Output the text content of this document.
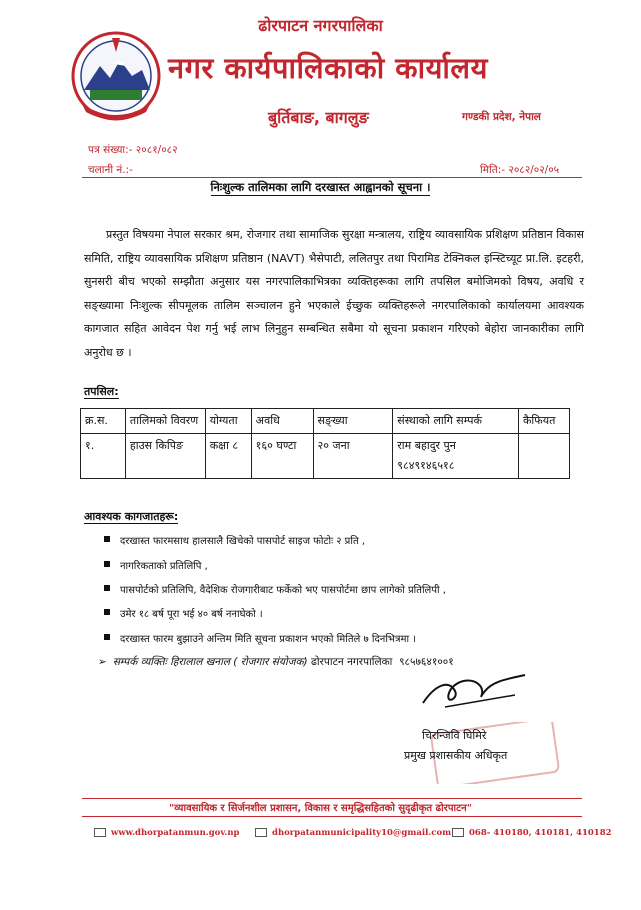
ढोरपाटन नगरपालिका
नगर कार्यपालिकाको कार्यालय
बुर्तिबाङ, बागलुङ	गण्डकी प्रदेश, नेपाल
पत्र संख्या:- २०८१/०८२
चलानी नं.:-	मिति:- २०८२/०२/०५
निःशुल्क तालिमका लागि दरखास्त आह्वानको सूचना ।
प्रस्तुत विषयमा नेपाल सरकार श्रम, रोजगार तथा सामाजिक सुरक्षा मन्त्रालय, राष्ट्रिय व्यावसायिक प्रशिक्षण प्रतिष्ठान विकास समिति, राष्ट्रिय व्यावसायिक प्रशिक्षण प्रतिष्ठान (NAVT) भैसेपाटी, ललितपुर तथा पिरामिड टेक्निकल इन्स्टिच्यूट प्रा.लि. इटहरी, सुनसरी बीच भएको सम्झौता अनुसार यस नगरपालिकाभित्रका व्यक्तिहरूका लागि तपसिल बमोजिमको विषय, अवधि र सङ्ख्यामा निःशुल्क सीपमूलक तालिम सञ्चालन हुने भएकाले ईच्छुक व्यक्तिहरूले नगरपालिकाको कार्यालयमा आवश्यक कागजात सहित आवेदन पेश गर्नु भई लाभ लिनुहुन सम्बन्धित सबैमा यो सूचना प्रकाशन गरिएको बेहोरा जानकारीका लागि अनुरोध छ ।
तपसिल:
क्र.स.	तालिमको विवरण	योग्यता	अवधि	सङ्ख्या	संस्थाको लागि सम्पर्क	कैफियत
१.	हाउस किपिङ	कक्षा ८	१६० घण्टा	२० जना	राम बहादुर पुन ९८४९१४६५१८	
आवश्यक कागजातहरू:
दरखास्त फारमसाथ हालसालै खिचेको पासपोर्ट साइज फोटोः २ प्रति ,
नागरिकताको प्रतिलिपि ,
पासपोर्टको प्रतिलिपि, वैदेशिक रोजगारीबाट फर्केको भए पासपोर्टमा छाप लागेको प्रतिलिपी ,
उमेर १८ बर्ष पूरा भई ४० बर्ष ननाघेको ।
दरखास्त फारम बुझाउने अन्तिम मिति सूचना प्रकाशन भएको मितिले ७ दिनभित्रमा ।
➢ सम्पर्क व्यक्तिः हिरालाल खनाल ( रोजगार संयोजक) ढोरपाटन नगरपालिका ९८५७६४१००१
चिरन्जिवि घिमिरे
प्रमुख प्रशासकीय अधिकृत
"व्यावसायिक र सिर्जनशील प्रशासन, विकास र समृद्धिसहितको सुदृढीकृत ढोरपाटन"
www.dhorpatanmun.gov.np	dhorpatanmunicipality10@gmail.com	068- 410180, 410181, 410182
